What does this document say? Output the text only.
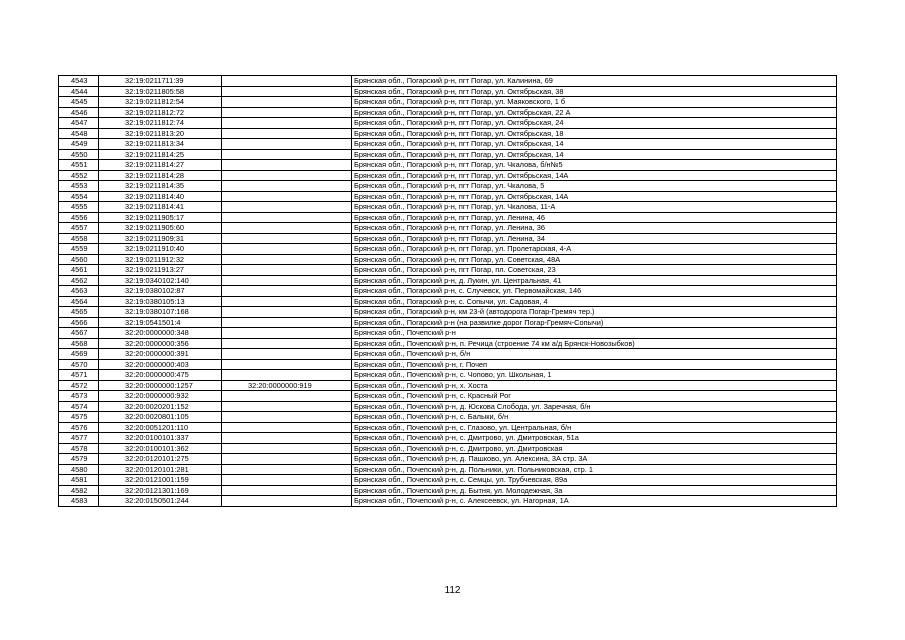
4543	32:19:0211711:39		Брянская обл., Погарский р-н, пгт Погар, ул. Калинина, 69
4544	32:19:0211805:58		Брянская обл., Погарский р-н, пгт Погар, ул. Октябрьская, 38
4545	32:19:0211812:54		Брянская обл., Погарский р-н, пгт Погар, ул. Маяковского, 1 б
4546	32:19:0211812:72		Брянская обл., Погарский р-н, пгт Погар, ул. Октябрьская, 22 А
4547	32:19:0211812:74		Брянская обл., Погарский р-н, пгт Погар, ул. Октябрьская, 24
4548	32:19:0211813:20		Брянская обл., Погарский р-н, пгт Погар, ул. Октябрьская, 18
4549	32:19:0211813:34		Брянская обл., Погарский р-н, пгт Погар, ул. Октябрьская, 14
4550	32:19:0211814:25		Брянская обл., Погарский р-н, пгт Погар, ул. Октябрьская, 14
4551	32:19:0211814:27		Брянская обл., Погарский р-н, пгт Погар, ул. Чкалова, б/н№5
4552	32:19:0211814:28		Брянская обл., Погарский р-н, пгт Погар, ул. Октябрьская, 14А
4553	32:19:0211814:35		Брянская обл., Погарский р-н, пгт Погар, ул. Чкалова, 5
4554	32:19:0211814:40		Брянская обл., Погарский р-н, пгт Погар, ул. Октябрьская, 14А
4555	32:19:0211814:41		Брянская обл., Погарский р-н, пгт Погар, ул. Чкалова, 11-А
4556	32:19:0211905:17		Брянская обл., Погарский р-н, пгт Погар, ул. Ленина, 46
4557	32:19:0211905:60		Брянская обл., Погарский р-н, пгт Погар, ул. Ленина, 36
4558	32:19:0211909:31		Брянская обл., Погарский р-н, пгт Погар, ул. Ленина, 34
4559	32:19:0211910:40		Брянская обл., Погарский р-н, пгт Погар, ул. Пролетарская, 4-А
4560	32:19:0211912:32		Брянская обл., Погарский р-н, пгт Погар, ул. Советская, 48А
4561	32:19:0211913:27		Брянская обл., Погарский р-н, пгт Погар, пл. Советская, 23
4562	32:19:0340102:140		Брянская обл., Погарский р-н, д. Лукин, ул. Центральная, 41
4563	32:19:0380102:87		Брянская обл., Погарский р-н, с. Случевск, ул. Первомайская, 146
4564	32:19:0380105:13		Брянская обл., Погарский р-н, с. Сопычи, ул. Садовая, 4
4565	32:19:0380107:168		Брянская обл., Погарский р-н, км 23-й (автодорога Погар-Гремяч тер.)
4566	32:19:0541501:4		Брянская обл., Погарский р-н (на развилке дорог Погар-Гремяч-Сопычи)
4567	32:20:0000000:348		Брянская обл., Почепский р-н
4568	32:20:0000000:356		Брянская обл., Почепский р-н, п. Речица (строение 74 км а/д Брянск-Новозыбков)
4569	32:20:0000000:391		Брянская обл., Почепский р-н, б/н
4570	32:20:0000000:403		Брянская обл., Почепский р-н, г. Почеп
4571	32:20:0000000:475		Брянская обл., Почепский р-н, с. Чопово, ул. Школьная, 1
4572	32:20:0000000:1257	32:20:0000000:919	Брянская обл., Почепский р-н, х. Хоста
4573	32:20:0000000:932		Брянская обл., Почепский р-н, с. Красный Рог
4574	32:20:0020201:152		Брянская обл., Почепский р-н, д. Юскова Слобода, ул. Заречная, б/н
4575	32:20:0020801:105		Брянская обл., Почепский р-н, с. Балыки, б/н
4576	32:20:0051201:110		Брянская обл., Почепский р-н, с. Глазово, ул. Центральная, б/н
4577	32:20:0100101:337		Брянская обл., Почепский р-н, с. Дмитрово, ул. Дмитровская, 51а
4578	32:20:0100101:362		Брянская обл., Почепский р-н, с. Дмитрово, ул. Дмитровская
4579	32:20:0120101:275		Брянская обл., Почепский р-н, д. Пашково, ул. Алексина, 3А стр. 3А
4580	32:20:0120101:281		Брянская обл., Почепский р-н, д. Польники, ул. Польниковская, стр. 1
4581	32:20:0121001:159		Брянская обл., Почепский р-н, с. Семцы, ул. Трубчевская, 89а
4582	32:20:0121301:169		Брянская обл., Почепский р-н, д. Бытня, ул. Молодежная, 3а
4583	32:20:0150501:244		Брянская обл., Почепский р-н, с. Алексеевск, ул. Нагорная, 1А
112
